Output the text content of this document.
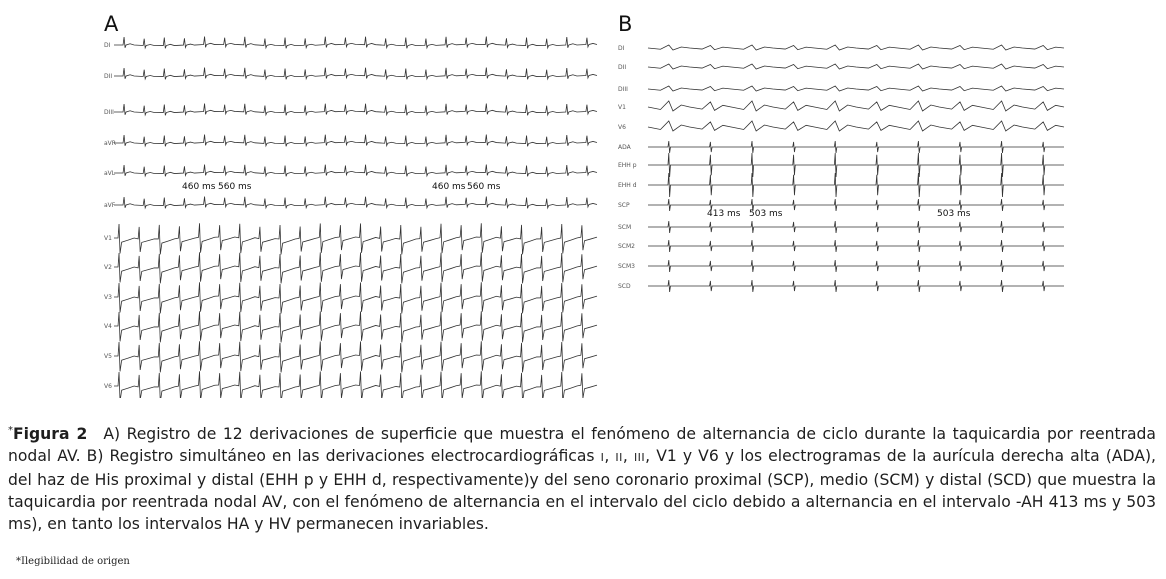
A
DI
DII
DIII
aVR
aVL
aVF
V1
V2
V3
V4
V5
V6
460 ms 560 ms	460 ms 560 ms
B
DI
DII
DIII
V1
V6
ADA
EHH p
EHH d
SCP
SCM
SCM2
SCM3
SCD
413 ms 503 ms	503 ms
*Figura 2 A) Registro de 12 derivaciones de superficie que muestra el fenómeno de alternancia de ciclo durante la taquicardia por reentrada nodal AV. B) Registro simultáneo en las derivaciones electrocardiográficas I, II, III, V1 y V6 y los electrogramas de la aurícula derecha alta (ADA), del haz de His proximal y distal (EHH p y EHH d, respectivamente)y del seno coronario proximal (SCP), medio (SCM) y distal (SCD) que muestra la taquicardia por reentrada nodal AV, con el fenómeno de alternancia en el intervalo del ciclo debido a alternancia en el intervalo -AH 413 ms y 503 ms), en tanto los intervalos HA y HV permanecen invariables.
*Ilegibilidad de origen
